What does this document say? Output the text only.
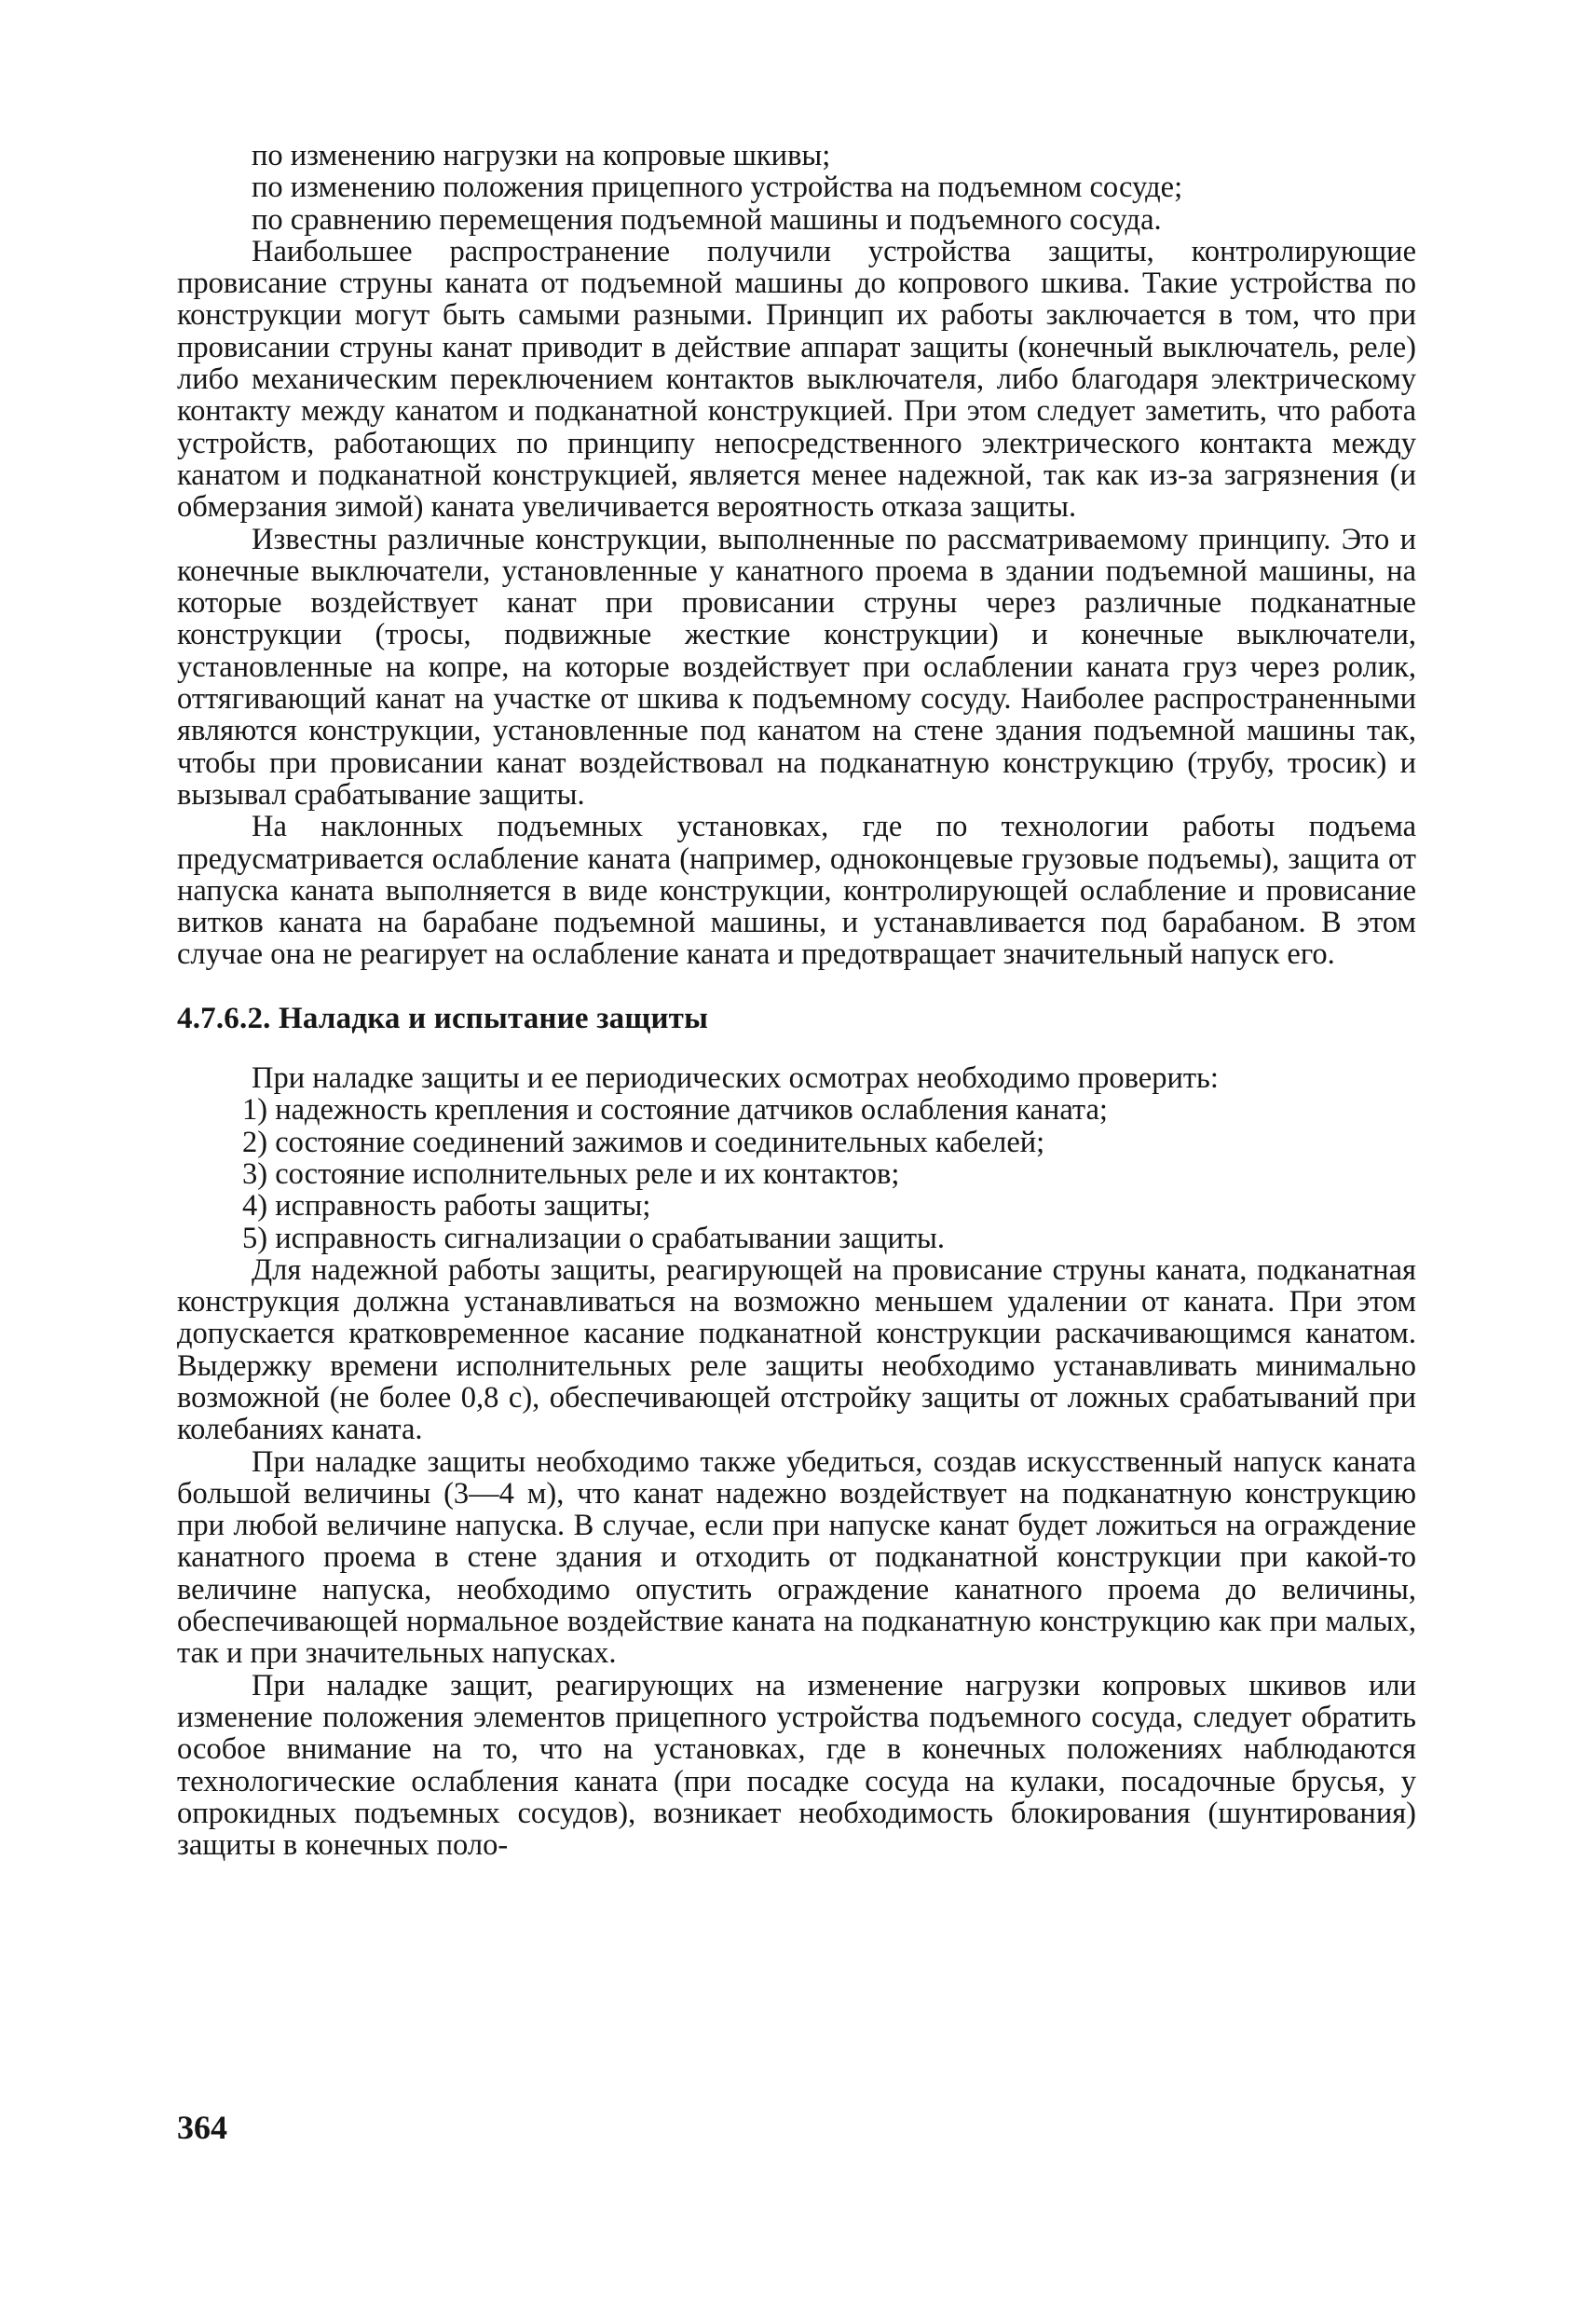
по изменению нагрузки на копровые шкивы;

по изменению положения прицепного устройства на подъемном сосуде;

по сравнению перемещения подъемной машины и подъемного сосуда.

Наибольшее распространение получили устройства защиты, контролирующие провисание струны каната от подъемной машины до копрового шкива. Такие устройства по конструкции могут быть самыми разными. Принцип их работы заключается в том, что при провисании струны канат приводит в действие аппарат защиты (конечный выключатель, реле) либо механическим переключением контактов выключателя, либо благодаря электрическому контакту между канатом и подканатной конструкцией. При этом следует заметить, что работа устройств, работающих по принципу непосредственного электрического контакта между канатом и подканатной конструкцией, является менее надежной, так как из-за загрязнения (и обмерзания зимой) каната увеличивается вероятность отказа защиты.

Известны различные конструкции, выполненные по рассматриваемому принципу. Это и конечные выключатели, установленные у канатного проема в здании подъемной машины, на которые воздействует канат при провисании струны через различные подканатные конструкции (тросы, подвижные жесткие конструкции) и конечные выключатели, установленные на копре, на которые воздействует при ослаблении каната груз через ролик, оттягивающий канат на участке от шкива к подъемному сосуду. Наиболее распространенными являются конструкции, установленные под канатом на стене здания подъемной машины так, чтобы при провисании канат воздействовал на подканатную конструкцию (трубу, тросик) и вызывал срабатывание защиты.

На наклонных подъемных установках, где по технологии работы подъема предусматривается ослабление каната (например, одноконцевые грузовые подъемы), защита от напуска каната выполняется в виде конструкции, контролирующей ослабление и провисание витков каната на барабане подъемной машины, и устанавливается под барабаном. В этом случае она не реагирует на ослабление каната и предотвращает значительный напуск его.

4.7.6.2. Наладка и испытание защиты

При наладке защиты и ее периодических осмотрах необходимо проверить:

1) надежность крепления и состояние датчиков ослабления каната;

2) состояние соединений зажимов и соединительных кабелей;

3) состояние исполнительных реле и их контактов;

4) исправность работы защиты;

5) исправность сигнализации о срабатывании защиты.

Для надежной работы защиты, реагирующей на провисание струны каната, подканатная конструкция должна устанавливаться на возможно меньшем удалении от каната. При этом допускается кратковременное касание подканатной конструкции раскачивающимся канатом. Выдержку времени исполнительных реле защиты необходимо устанавливать минимально возможной (не более 0,8 с), обеспечивающей отстройку защиты от ложных срабатываний при колебаниях каната.

При наладке защиты необходимо также убедиться, создав искусственный напуск каната большой величины (3—4 м), что канат надежно воздействует на подканатную конструкцию при любой величине напуска. В случае, если при напуске канат будет ложиться на ограждение канатного проема в стене здания и отходить от подканатной конструкции при какой-то величине напуска, необходимо опустить ограждение канатного проема до величины, обеспечивающей нормальное воздействие каната на подканатную конструкцию как при малых, так и при значительных напусках.

При наладке защит, реагирующих на изменение нагрузки копровых шкивов или изменение положения элементов прицепного устройства подъемного сосуда, следует обратить особое внимание на то, что на установках, где в конечных положениях наблюдаются технологические ослабления каната (при посадке сосуда на кулаки, посадочные брусья, у опрокидных подъемных сосудов), возникает необходимость блокирования (шунтирования) защиты в конечных поло-

364
